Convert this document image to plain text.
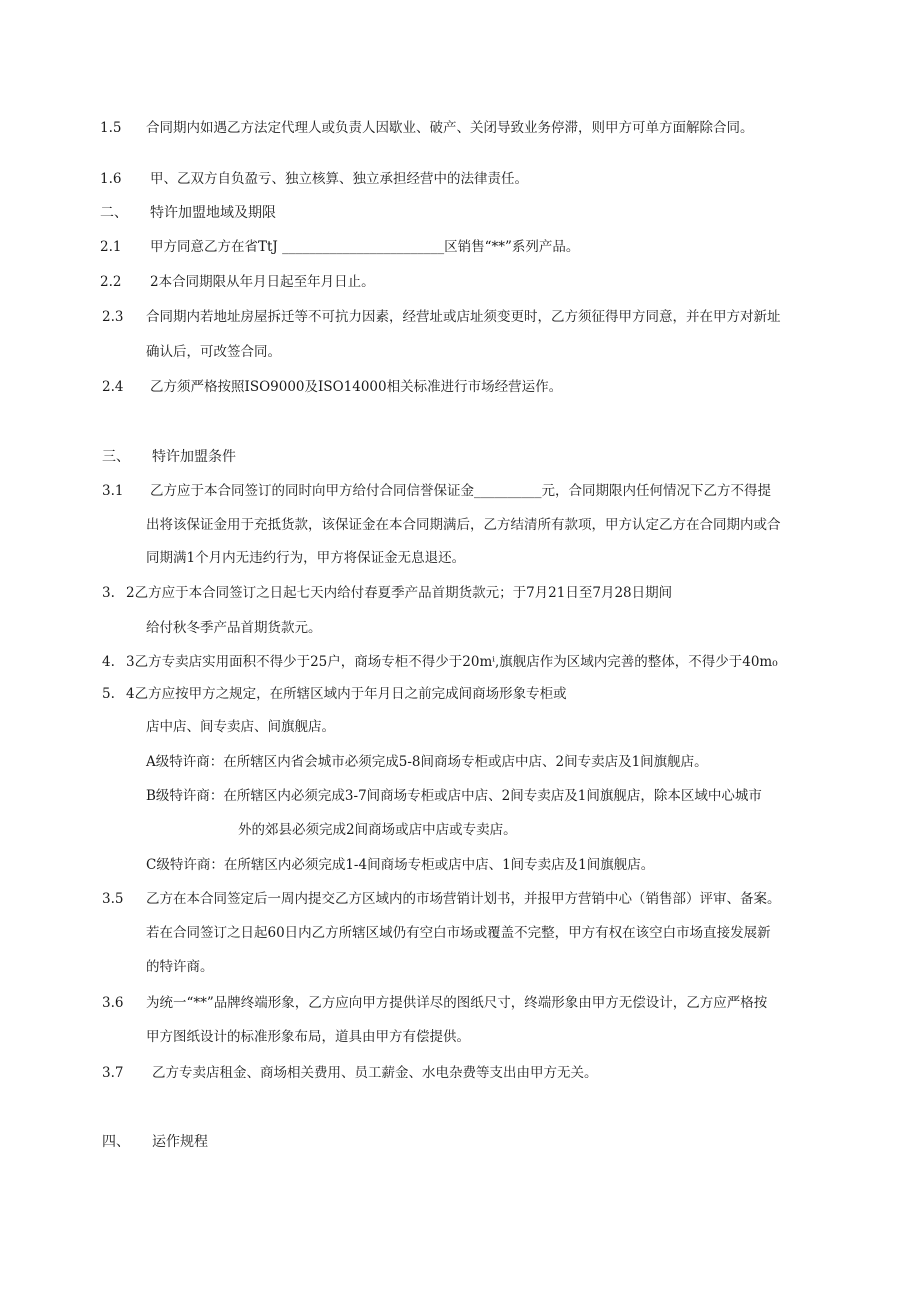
1.5 合同期内如遇乙方法定代理人或负责人因歇业、破产、关闭导致业务停滞，则甲方可单方面解除合同。
1.6 甲、乙双方自负盈亏、独立核算、独立承担经营中的法律责任。
二、 特许加盟地域及期限
2.1 甲方同意乙方在省TtJ ________________________区销售“**”系列产品。
2.2 2本合同期限从年月日起至年月日止。
2.3 合同期内若地址房屋拆迁等不可抗力因素，经营址或店址须变更时，乙方须征得甲方同意，并在甲方对新址
确认后，可改签合同。
2.4 乙方须严格按照ISO9000及ISO14000相关标准进行市场经营运作。
三、 特许加盟条件
3.1 乙方应于本合同签订的同时向甲方给付合同信誉保证金__________元，合同期限内任何情况下乙方不得提
出将该保证金用于充抵货款，该保证金在本合同期满后，乙方结清所有款项，甲方认定乙方在合同期内或合
同期满1个月内无违约行为，甲方将保证金无息退还。
3. 2乙方应于本合同签订之日起七天内给付春夏季产品首期货款元；于7月21日至7月28日期间
给付秋冬季产品首期货款元。
4. 3乙方专卖店实用面积不得少于25户，商场专柜不得少于20mⁱ,旗舰店作为区域内完善的整体，不得少于40m₀
5. 4乙方应按甲方之规定，在所辖区域内于年月日之前完成间商场形象专柜或
店中店、间专卖店、间旗舰店。
A级特许商：在所辖区内省会城市必须完成5-8间商场专柜或店中店、2间专卖店及1间旗舰店。
B级特许商：在所辖区内必须完成3-7间商场专柜或店中店、2间专卖店及1间旗舰店，除本区域中心城市
外的郊县必须完成2间商场或店中店或专卖店。
C级特许商：在所辖区内必须完成1-4间商场专柜或店中店、1间专卖店及1间旗舰店。
3.5 乙方在本合同签定后一周内提交乙方区域内的市场营销计划书，并报甲方营销中心（销售部）评审、备案。
若在合同签订之日起60日内乙方所辖区域仍有空白市场或覆盖不完整，甲方有权在该空白市场直接发展新
的特许商。
3.6 为统一“**”品牌终端形象，乙方应向甲方提供详尽的图纸尺寸，终端形象由甲方无偿设计，乙方应严格按
甲方图纸设计的标准形象布局，道具由甲方有偿提供。
3.7 乙方专卖店租金、商场相关费用、员工薪金、水电杂费等支出由甲方无关。
四、 运作规程
